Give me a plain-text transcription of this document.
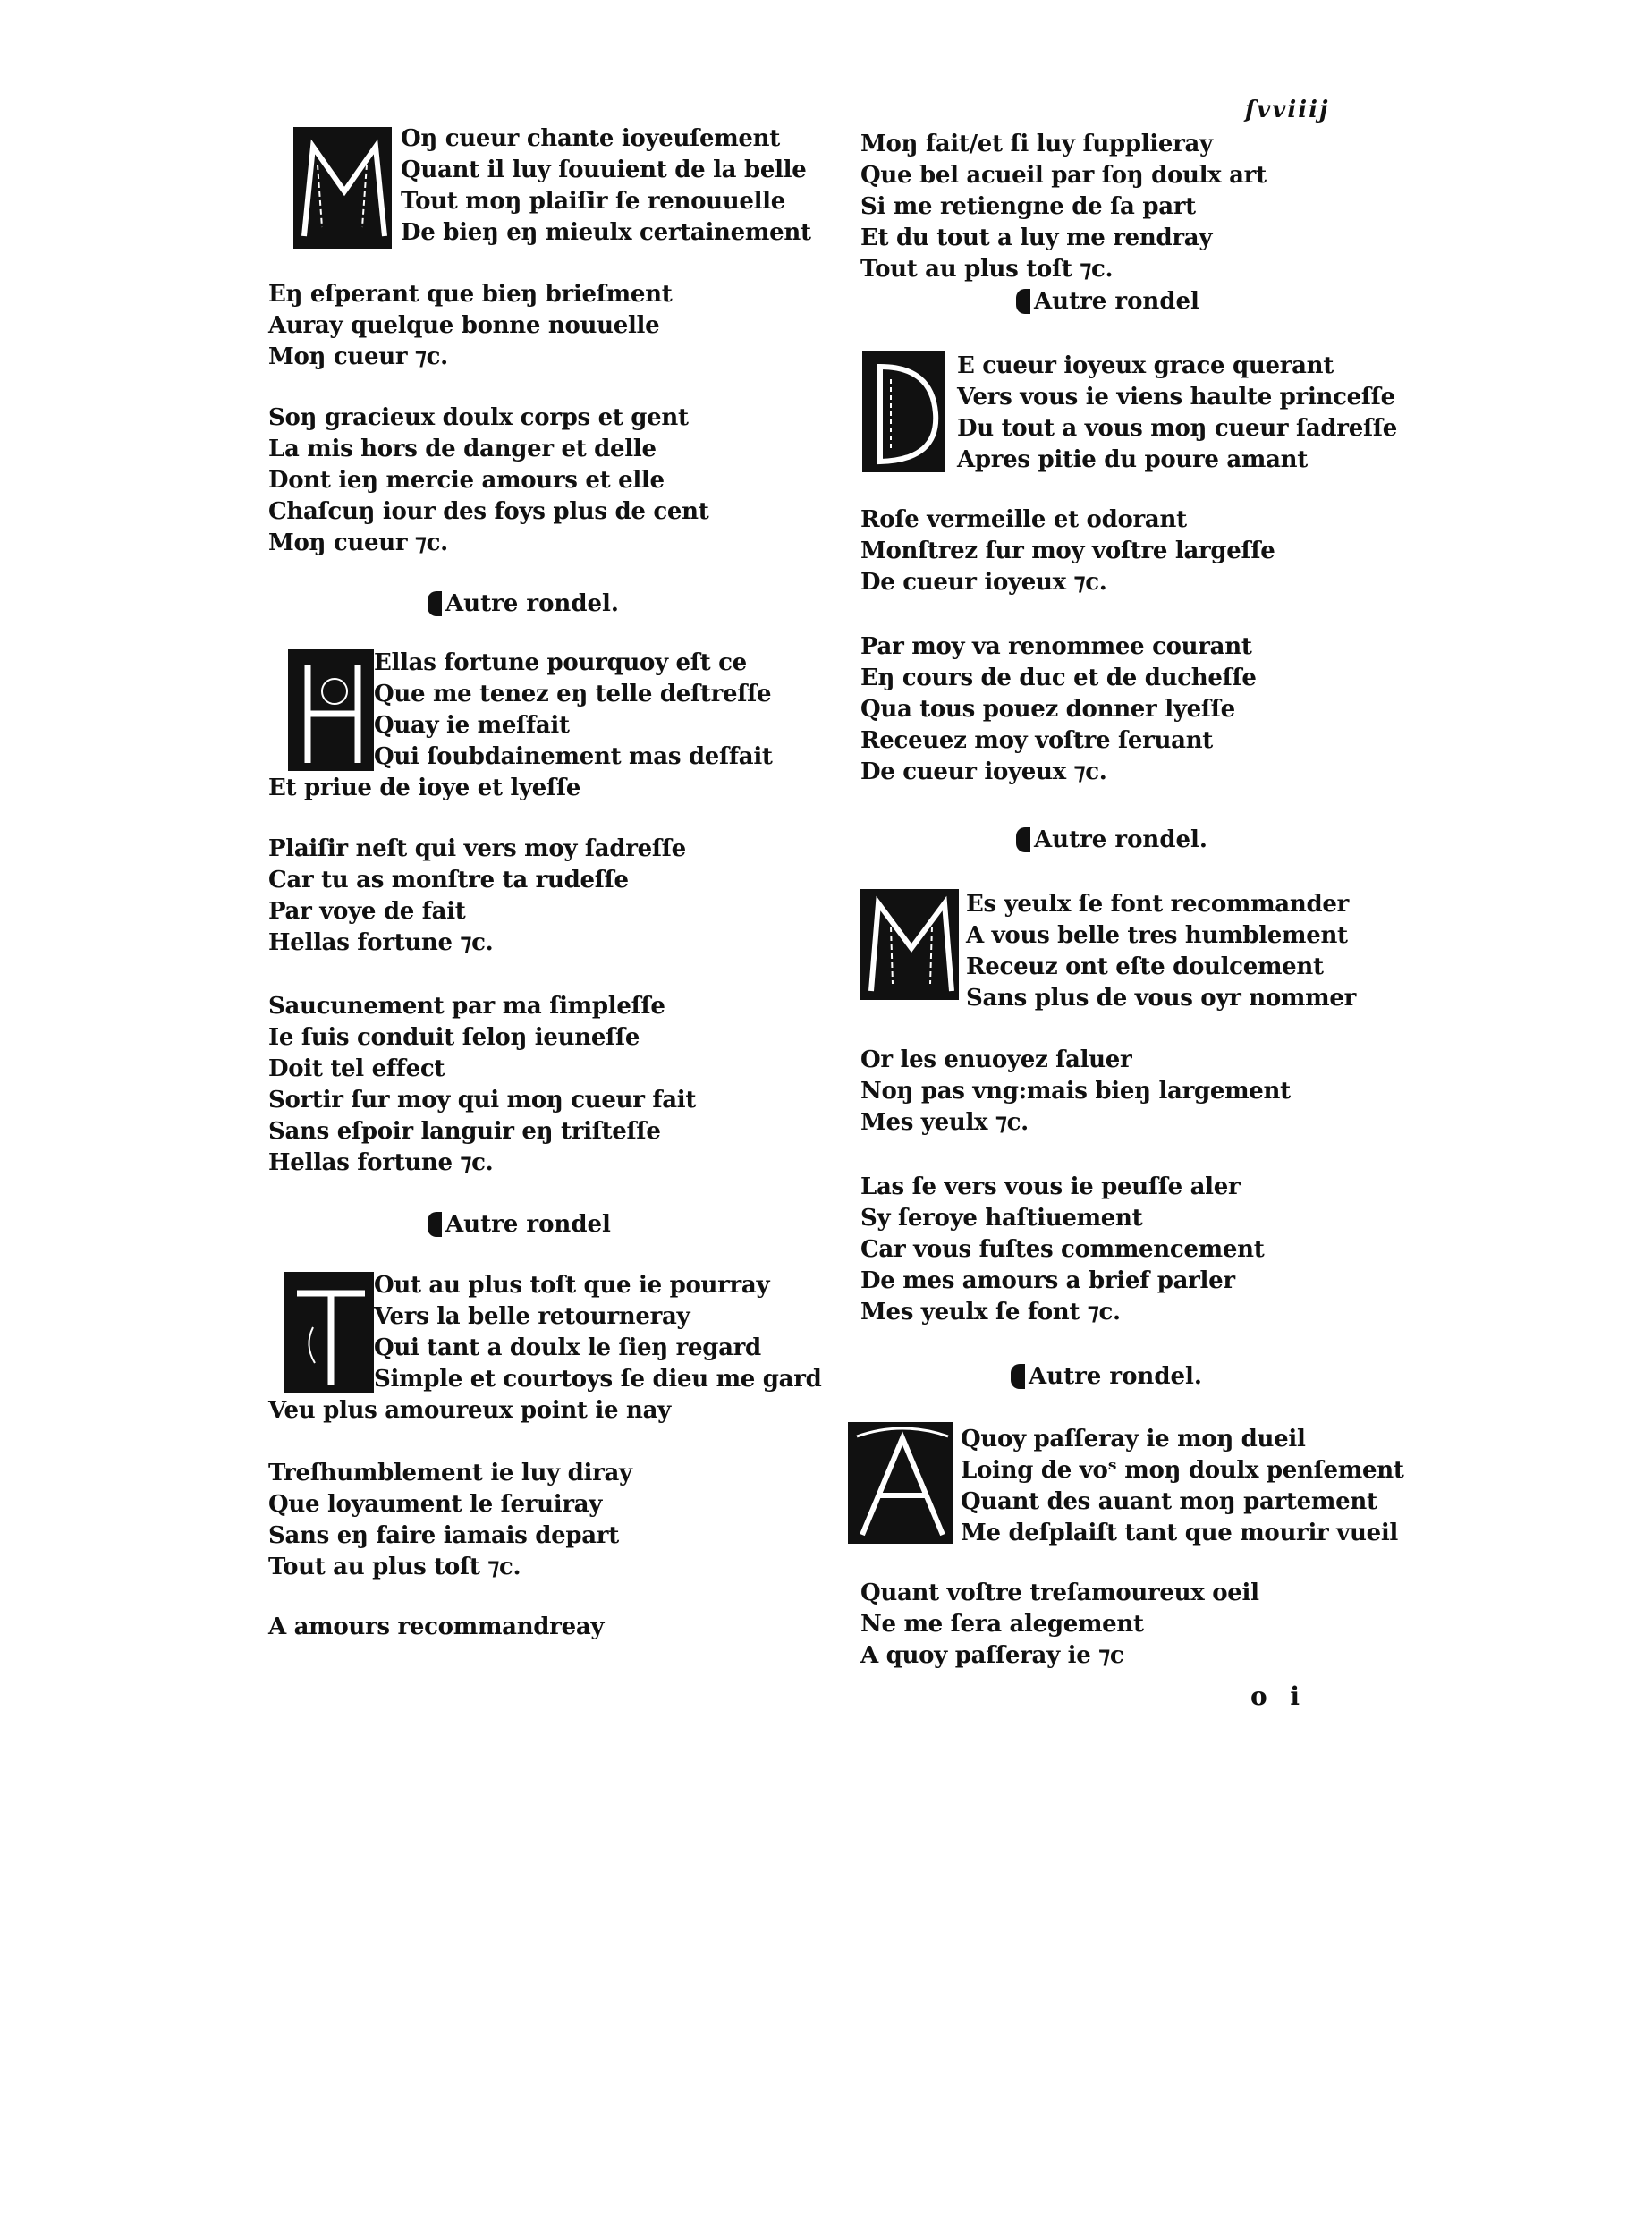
ſvviiij
Oŋ cueur chante ioyeuſement
Quant il luy ſouuient de la belle
Tout moŋ plaiſir ſe renouuelle
De bieŋ eŋ mieulx certainement
Eŋ eſperant que bieŋ brieſment
Auray quelque bonne nouuelle
Moŋ cueur ⁊c.
Soŋ gracieux doulx corps et gent
La mis hors de danger et delle
Dont ieŋ mercie amours et elle
Chaſcuŋ iour des foys plus de cent
Moŋ cueur ⁊c.
Autre rondel.
Ellas fortune pourquoy eſt ce
Que me tenez eŋ telle deſtreſſe
Quay ie meſfait
Qui ſoubdainement mas deſfait
Et priue de ioye et lyeſſe
Plaiſir neſt qui vers moy ſadreſſe
Car tu as monſtre ta rudeſſe
Par voye de fait
Hellas fortune ⁊c.
Saucunement par ma ſimpleſſe
Ie ſuis conduit ſeloŋ ieuneſſe
Doit tel effect
Sortir ſur moy qui moŋ cueur fait
Sans eſpoir languir eŋ triſteſſe
Hellas fortune ⁊c.
Autre rondel
Out au plus toſt que ie pourray
Vers la belle retourneray
Qui tant a doulx le ſieŋ regard
Simple et courtoys ſe dieu me gard
Veu plus amoureux point ie nay
Treſhumblement ie luy diray
Que loyaument le ſeruiray
Sans eŋ faire iamais depart
Tout au plus toſt ⁊c.
A amours recommandreay
Moŋ fait/et ſi luy ſupplieray
Que bel acueil par ſoŋ doulx art
Si me retiengne de ſa part
Et du tout a luy me rendray
Tout au plus toſt ⁊c.
Autre rondel
E cueur ioyeux grace querant
Vers vous ie viens haulte princeſſe
Du tout a vous moŋ cueur ſadreſſe
Apres pitie du poure amant
Roſe vermeille et odorant
Monſtrez ſur moy voſtre largeſſe
De cueur ioyeux ⁊c.
Par moy va renommee courant
Eŋ cours de duc et de ducheſſe
Qua tous pouez donner lyeſſe
Receuez moy voſtre ſeruant
De cueur ioyeux ⁊c.
Autre rondel.
Es yeulx ſe font recommander
A vous belle tres humblement
Receuz ont eſte doulcement
Sans plus de vous oyr nommer
Or les enuoyez ſaluer
Noŋ pas vng:mais bieŋ largement
Mes yeulx ⁊c.
Las ſe vers vous ie peuſſe aler
Sy ſeroye haſtiuement
Car vous fuſtes commencement
De mes amours a brief parler
Mes yeulx ſe font ⁊c.
Autre rondel.
Quoy paſſeray ie moŋ dueil
Loing de voˢ moŋ doulx penſement
Quant des auant moŋ partement
Me deſplaiſt tant que mourir vueil
Quant voſtre treſamoureux oeil
Ne me ſera alegement
A quoy paſſeray ie ⁊c
o i
